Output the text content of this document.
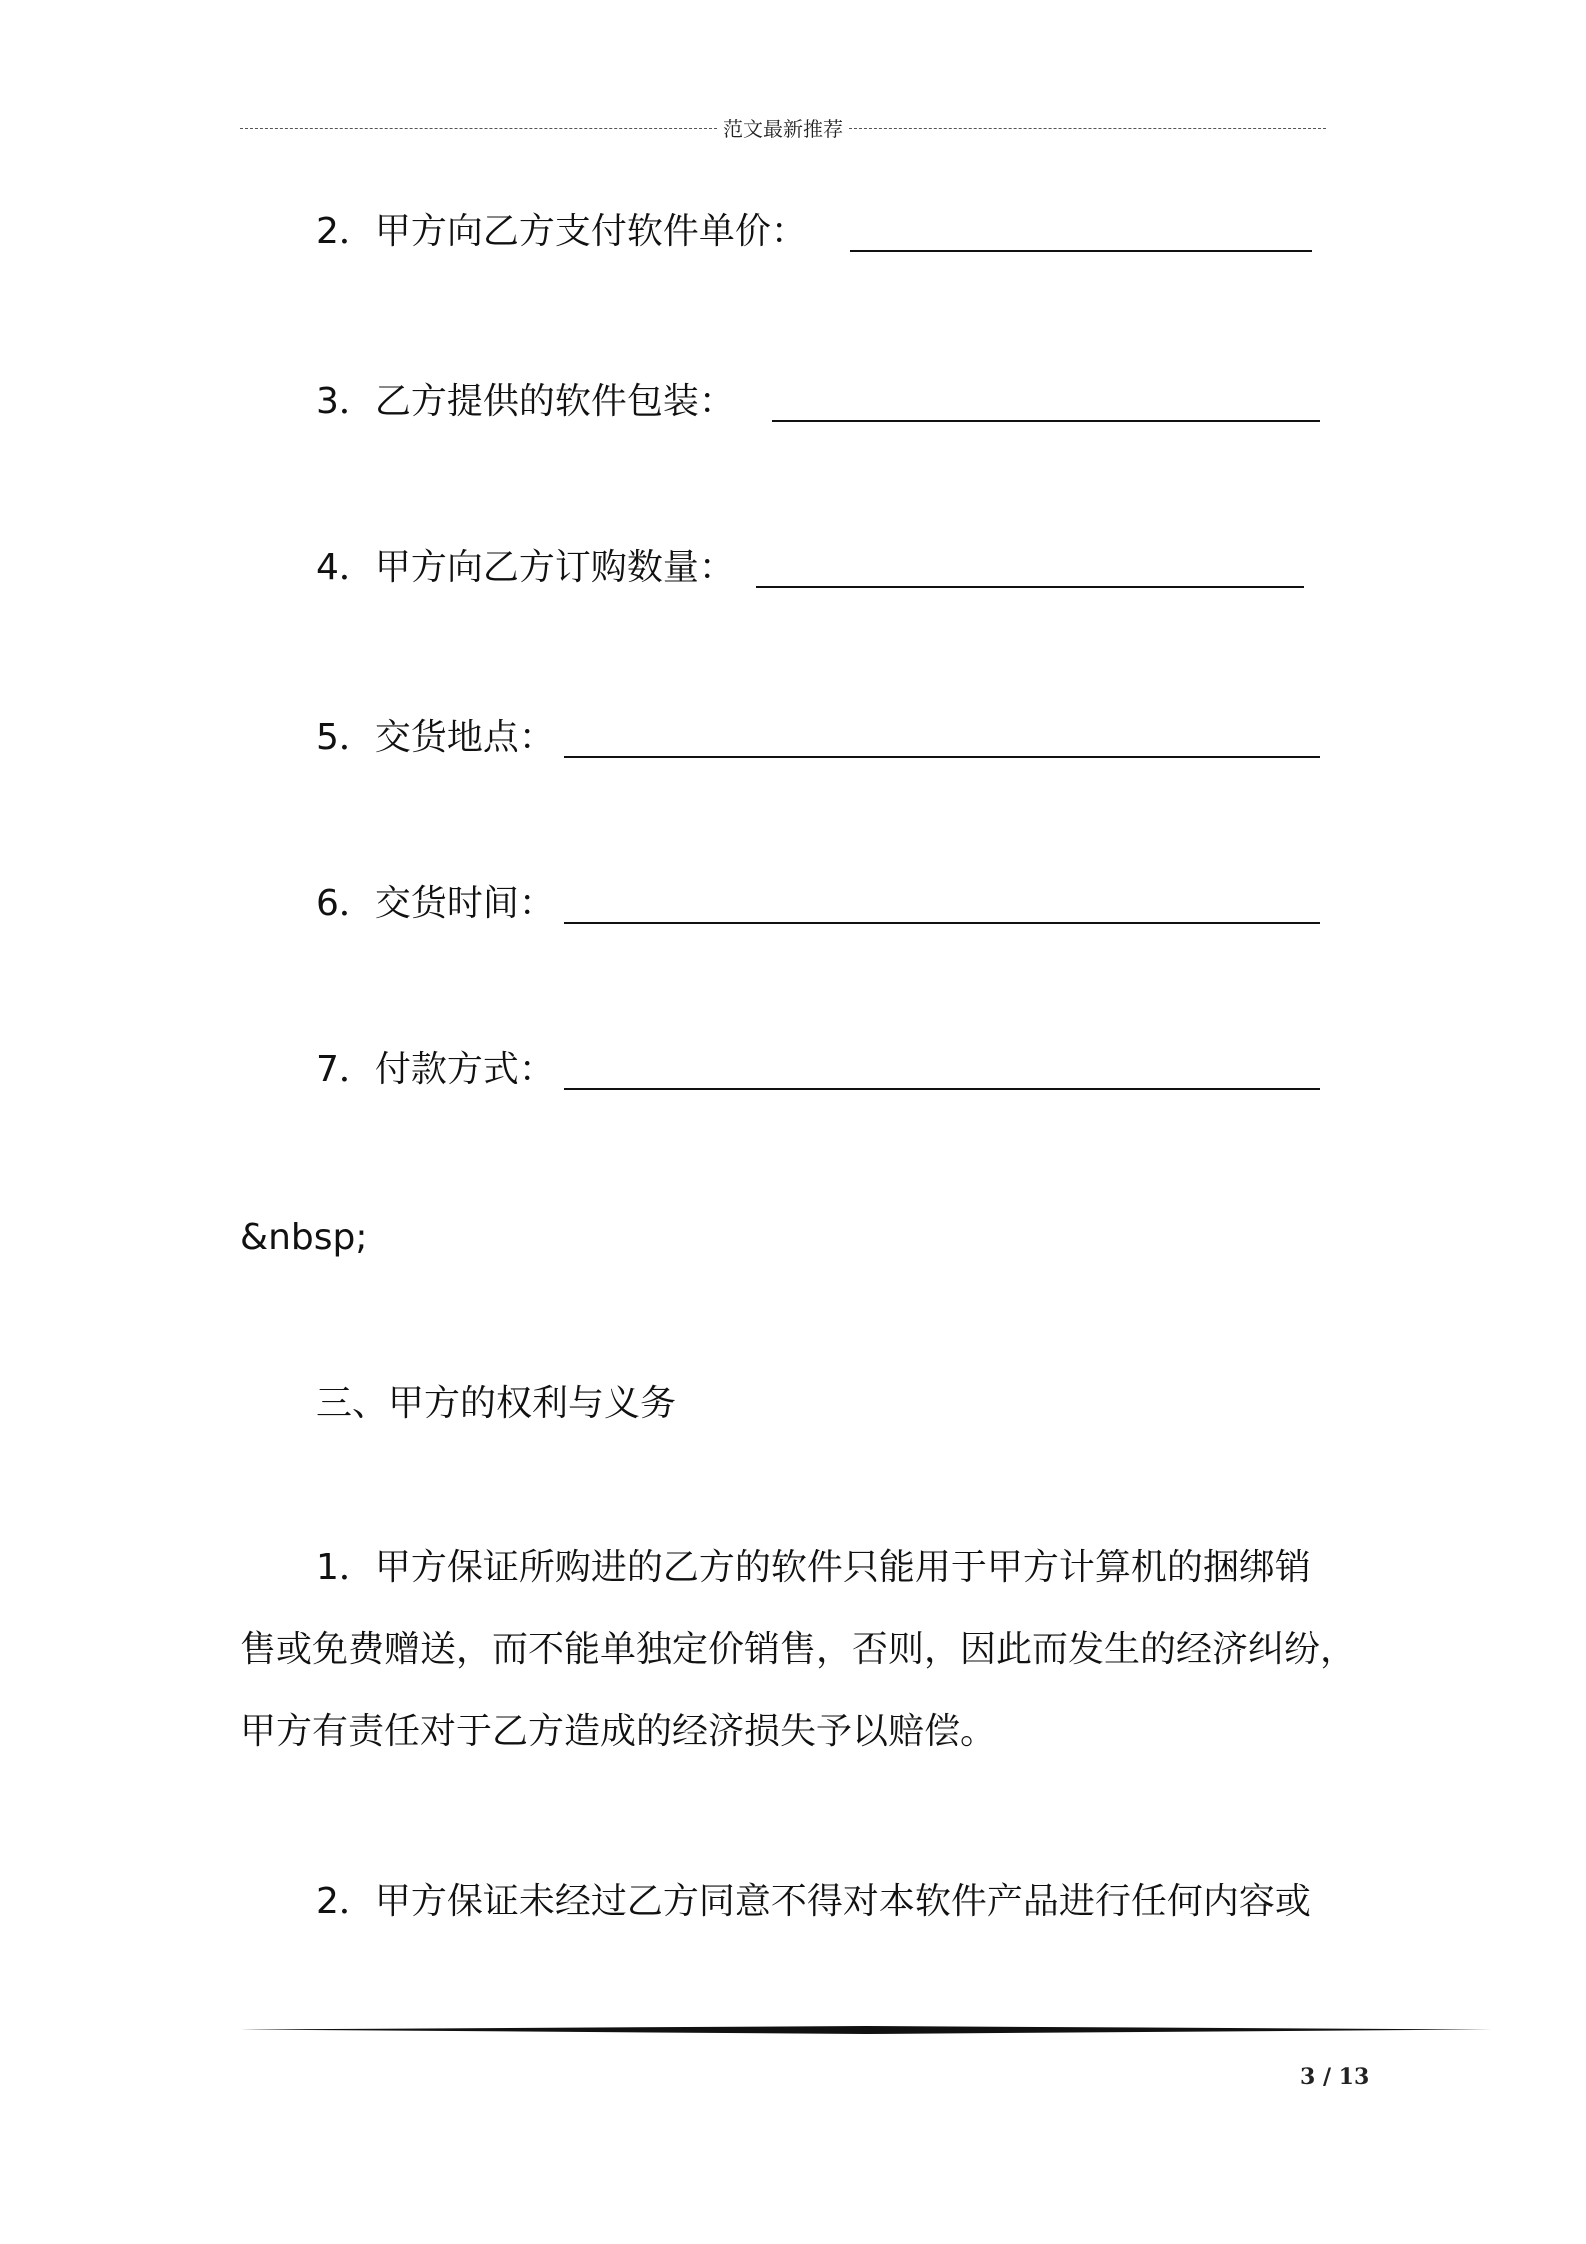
范文最新推荐
2．甲方向乙方支付软件单价：
3．乙方提供的软件包装：
4．甲方向乙方订购数量：
5．交货地点：
6．交货时间：
7．付款方式：
&nbsp;
三、甲方的权利与义务
1．甲方保证所购进的乙方的软件只能用于甲方计算机的捆绑销
售或免费赠送，而不能单独定价销售，否则，因此而发生的经济纠纷，
甲方有责任对于乙方造成的经济损失予以赔偿。
2．甲方保证未经过乙方同意不得对本软件产品进行任何内容或
3 / 13
